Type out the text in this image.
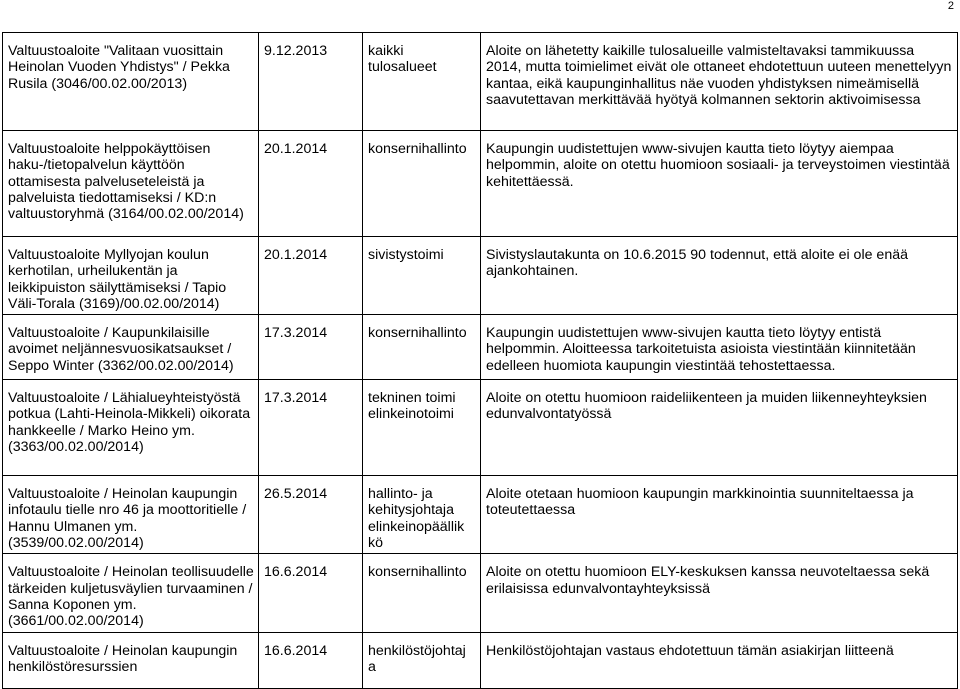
2
Valtuustoaloite "Valitaan vuosittain Heinolan Vuoden Yhdistys" / Pekka Rusila (3046/00.02.00/2013)	9.12.2013	kaikki tulosalueet	Aloite on lähetetty kaikille tulosalueille valmisteltavaksi tammikuussa 2014, mutta toimielimet eivät ole ottaneet ehdotettuun uuteen menettelyyn kantaa, eikä kaupunginhallitus näe vuoden yhdistyksen nimeämisellä saavutettavan merkittävää hyötyä kolmannen sektorin aktivoimisessa
Valtuustoaloite helppokäyttöisen haku-/tietopalvelun käyttöön ottamisesta palveluseteleistä ja palveluista tiedottamiseksi / KD:n valtuustoryhmä (3164/00.02.00/2014)	20.1.2014	konsernihallinto	Kaupungin uudistettujen www-sivujen kautta tieto löytyy aiempaa helpommin, aloite on otettu huomioon sosiaali- ja terveystoimen viestintää kehitettäessä.
Valtuustoaloite Myllyojan koulun kerhotilan, urheilukentän ja leikkipuiston säilyttämiseksi / Tapio Väli-Torala (3169)/00.02.00/2014)	20.1.2014	sivistystoimi	Sivistyslautakunta on 10.6.2015 90 todennut, että aloite ei ole enää ajankohtainen.
Valtuustoaloite / Kaupunkilaisille avoimet neljännesvuosikatsaukset / Seppo Winter (3362/00.02.00/2014)	17.3.2014	konsernihallinto	Kaupungin uudistettujen www-sivujen kautta tieto löytyy entistä helpommin. Aloitteessa tarkoitetuista asioista viestintään kiinnitetään edelleen huomiota kaupungin viestintää tehostettaessa.
Valtuustoaloite / Lähialueyhteistyöstä potkua (Lahti-Heinola-Mikkeli) oikorata hankkeelle / Marko Heino ym. (3363/00.02.00/2014)	17.3.2014	tekninen toimi elinkeinotoimi	Aloite on otettu huomioon raideliikenteen ja muiden liikenneyhteyksien edunvalvontatyössä
Valtuustoaloite / Heinolan kaupungin infotaulu tielle nro 46 ja moottoritielle / Hannu Ulmanen ym. (3539/00.02.00/2014)	26.5.2014	hallinto- ja kehitysjohtaja elinkeinopäällik kö	Aloite otetaan huomioon kaupungin markkinointia suunniteltaessa ja toteutettaessa
Valtuustoaloite / Heinolan teollisuudelle tärkeiden kuljetusväylien turvaaminen / Sanna Koponen ym. (3661/00.02.00/2014)	16.6.2014	konsernihallinto	Aloite on otettu huomioon ELY-keskuksen kanssa neuvoteltaessa sekä erilaisissa edunvalvontayhteyksissä
Valtuustoaloite / Heinolan kaupungin henkilöstöresurssien	16.6.2014	henkilöstöjohtaj a	Henkilöstöjohtajan vastaus ehdotettuun tämän asiakirjan liitteenä
